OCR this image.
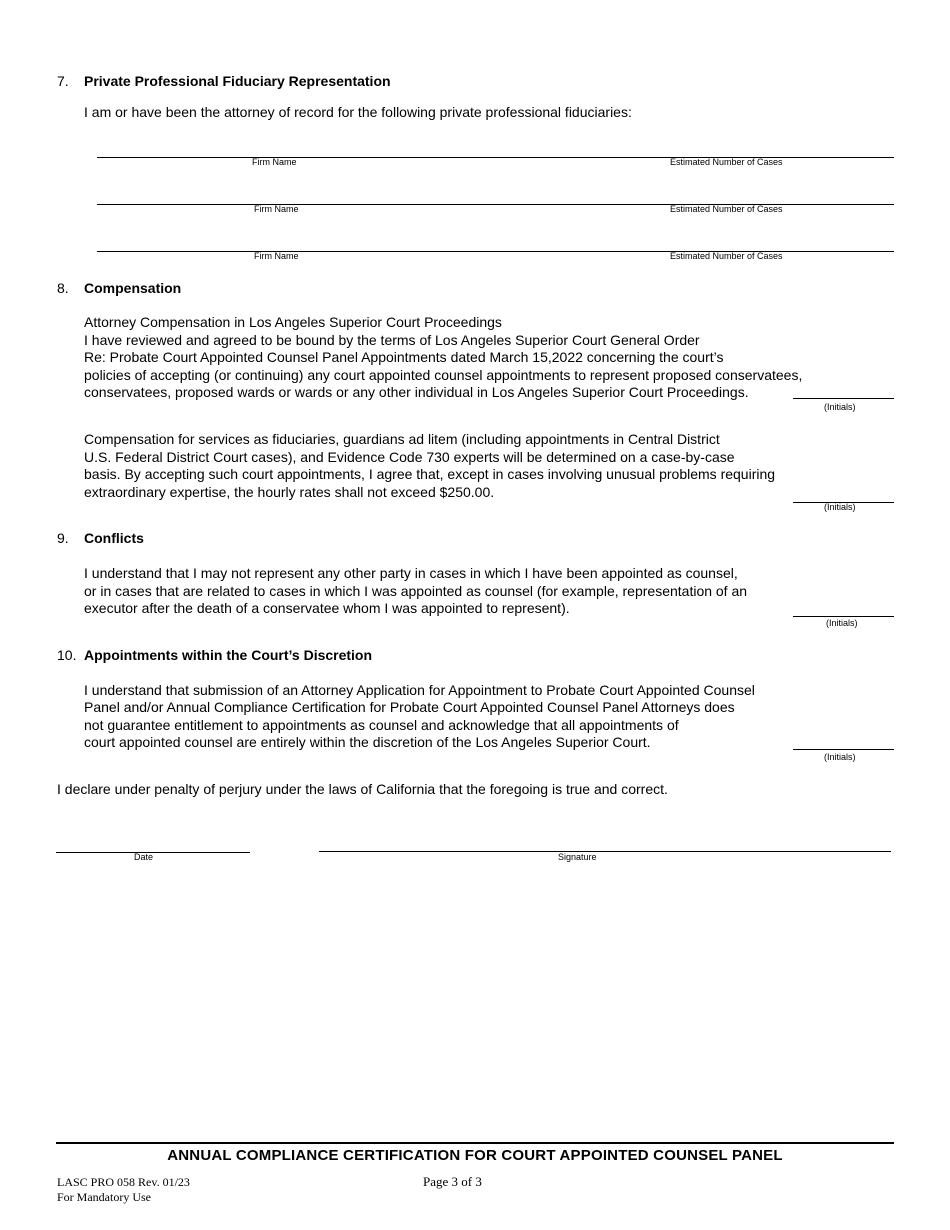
7. Private Professional Fiduciary Representation
I am or have been the attorney of record for the following private professional fiduciaries:
Firm Name	Estimated Number of Cases
Firm Name	Estimated Number of Cases
Firm Name	Estimated Number of Cases
8. Compensation
Attorney Compensation in Los Angeles Superior Court Proceedings
I have reviewed and agreed to be bound by the terms of Los Angeles Superior Court General Order
Re: Probate Court Appointed Counsel Panel Appointments dated March 15,2022 concerning the court’s
policies of accepting (or continuing) any court appointed counsel appointments to represent proposed conservatees,
conservatees, proposed wards or wards or any other individual in Los Angeles Superior Court Proceedings.
(Initials)
Compensation for services as fiduciaries, guardians ad litem (including appointments in Central District
U.S. Federal District Court cases), and Evidence Code 730 experts will be determined on a case-by-case
basis. By accepting such court appointments, I agree that, except in cases involving unusual problems requiring
extraordinary expertise, the hourly rates shall not exceed $250.00.
(Initials)
9. Conflicts
I understand that I may not represent any other party in cases in which I have been appointed as counsel,
or in cases that are related to cases in which I was appointed as counsel (for example, representation of an
executor after the death of a conservatee whom I was appointed to represent).
(Initials)
10. Appointments within the Court’s Discretion
I understand that submission of an Attorney Application for Appointment to Probate Court Appointed Counsel
Panel and/or Annual Compliance Certification for Probate Court Appointed Counsel Panel Attorneys does
not guarantee entitlement to appointments as counsel and acknowledge that all appointments of
court appointed counsel are entirely within the discretion of the Los Angeles Superior Court.
(Initials)
I declare under penalty of perjury under the laws of California that the foregoing is true and correct.
Date	Signature
ANNUAL COMPLIANCE CERTIFICATION FOR COURT APPOINTED COUNSEL PANEL
LASC PRO 058 Rev. 01/23
For Mandatory Use
Page 3 of 3
